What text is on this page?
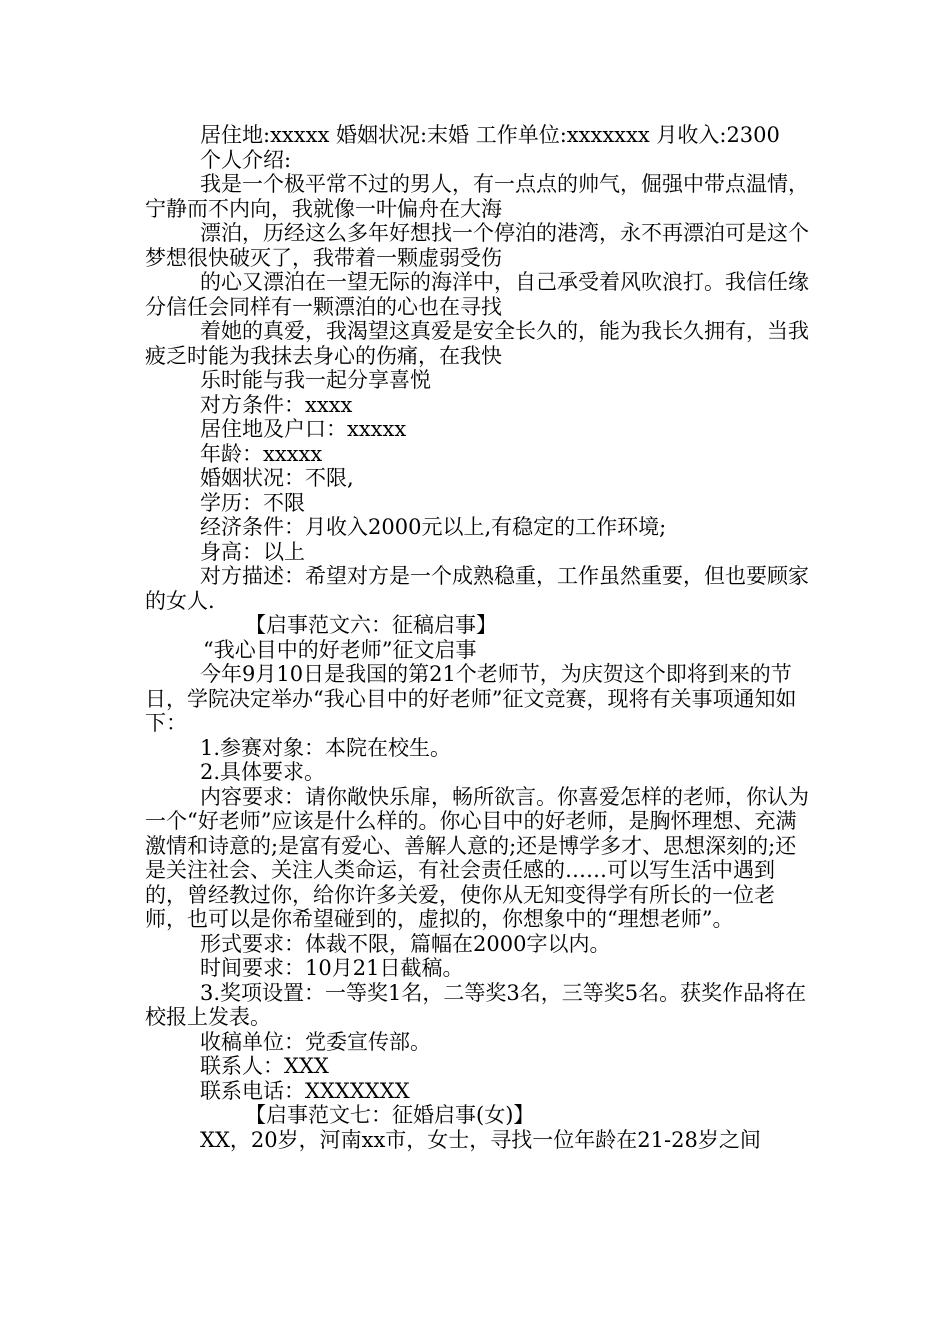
居住地:xxxxx 婚姻状况:末婚 工作单位:xxxxxxx 月收入:2300
个人介绍:
我是一个极平常不过的男人，有一点点的帅气，倔强中带点温情，宁静而不内向，我就像一叶偏舟在大海
漂泊，历经这么多年好想找一个停泊的港湾，永不再漂泊可是这个梦想很快破灭了，我带着一颗虚弱受伤
的心又漂泊在一望无际的海洋中，自己承受着风吹浪打。我信任缘分信任会同样有一颗漂泊的心也在寻找
着她的真爱，我渴望这真爱是安全长久的，能为我长久拥有，当我疲乏时能为我抹去身心的伤痛，在我快
乐时能与我一起分享喜悦
对方条件：xxxx
居住地及户口：xxxxx
年龄：xxxxx
婚姻状况：不限,
学历：不限
经济条件：月收入2000元以上,有稳定的工作环境;
身高：以上
对方描述：希望对方是一个成熟稳重，工作虽然重要，但也要顾家的女人.
【启事范文六：征稿启事】
“我心目中的好老师”征文启事
今年9月10日是我国的第21个老师节，为庆贺这个即将到来的节日，学院决定举办“我心目中的好老师”征文竞赛，现将有关事项通知如下：
1.参赛对象：本院在校生。
2.具体要求。
内容要求：请你敞快乐扉，畅所欲言。你喜爱怎样的老师，你认为一个“好老师”应该是什么样的。你心目中的好老师，是胸怀理想、充满激情和诗意的;是富有爱心、善解人意的;还是博学多才、思想深刻的;还是关注社会、关注人类命运，有社会责任感的……可以写生活中遇到的，曾经教过你，给你许多关爱，使你从无知变得学有所长的一位老师，也可以是你希望碰到的，虚拟的，你想象中的“理想老师”。
形式要求：体裁不限，篇幅在2000字以内。
时间要求：10月21日截稿。
3.奖项设置：一等奖1名，二等奖3名，三等奖5名。获奖作品将在校报上发表。
收稿单位：党委宣传部。
联系人：XXX
联系电话：XXXXXXX
【启事范文七：征婚启事(女)】
XX，20岁，河南xx市，女士，寻找一位年龄在21-28岁之间
